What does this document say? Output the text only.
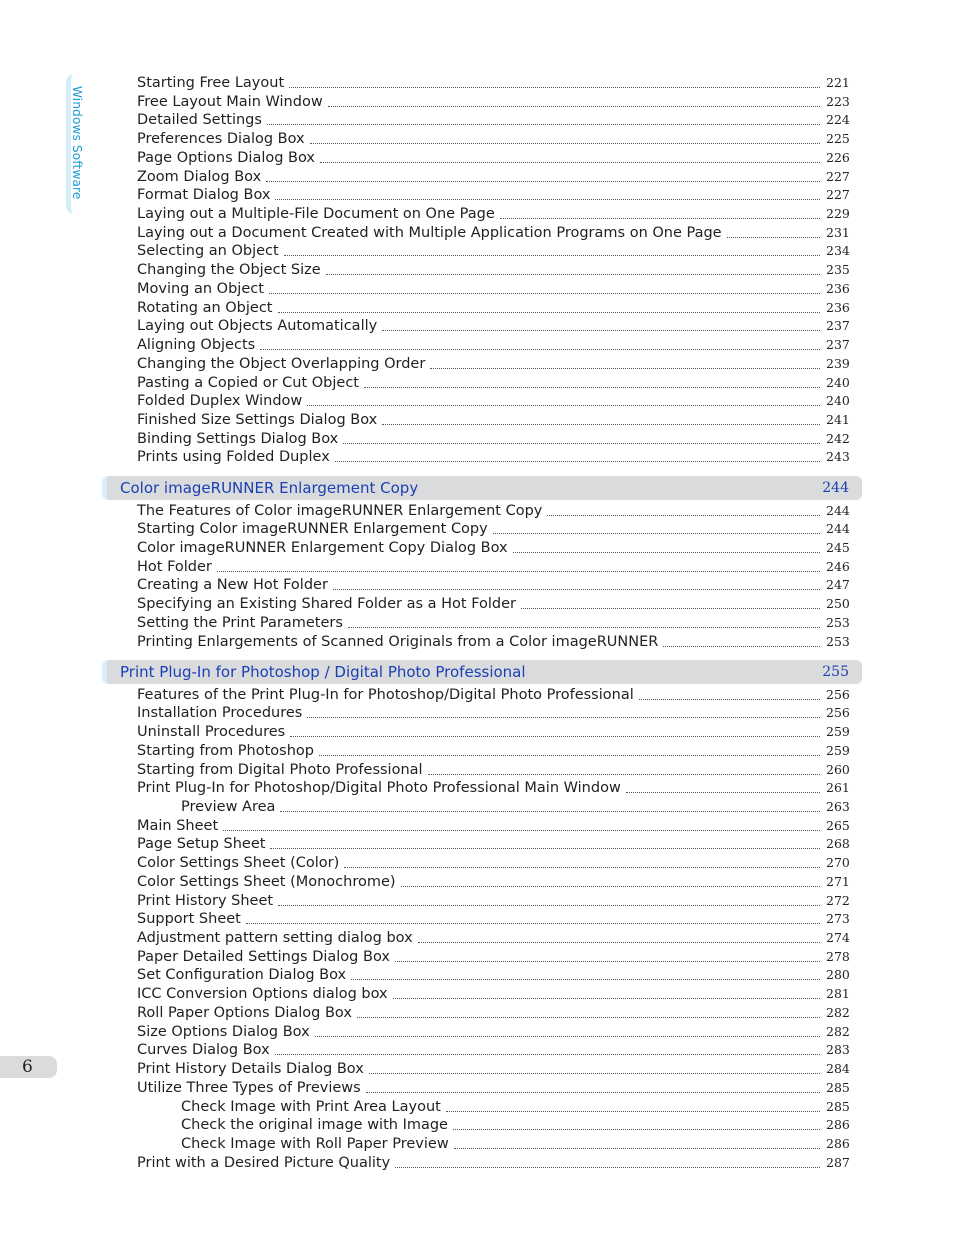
Windows Software
Starting Free Layout	221
Free Layout Main Window	223
Detailed Settings	224
Preferences Dialog Box	225
Page Options Dialog Box	226
Zoom Dialog Box	227
Format Dialog Box	227
Laying out a Multiple-File Document on One Page	229
Laying out a Document Created with Multiple Application Programs on One Page	231
Selecting an Object	234
Changing the Object Size	235
Moving an Object	236
Rotating an Object	236
Laying out Objects Automatically	237
Aligning Objects	237
Changing the Object Overlapping Order	239
Pasting a Copied or Cut Object	240
Folded Duplex Window	240
Finished Size Settings Dialog Box	241
Binding Settings Dialog Box	242
Prints using Folded Duplex	243
Color imageRUNNER Enlargement Copy	244
The Features of Color imageRUNNER Enlargement Copy	244
Starting Color imageRUNNER Enlargement Copy	244
Color imageRUNNER Enlargement Copy Dialog Box	245
Hot Folder	246
Creating a New Hot Folder	247
Specifying an Existing Shared Folder as a Hot Folder	250
Setting the Print Parameters	253
Printing Enlargements of Scanned Originals from a Color imageRUNNER	253
Print Plug-In for Photoshop / Digital Photo Professional	255
Features of the Print Plug-In for Photoshop/Digital Photo Professional	256
Installation Procedures	256
Uninstall Procedures	259
Starting from Photoshop	259
Starting from Digital Photo Professional	260
Print Plug-In for Photoshop/Digital Photo Professional Main Window	261
Preview Area	263
Main Sheet	265
Page Setup Sheet	268
Color Settings Sheet (Color)	270
Color Settings Sheet (Monochrome)	271
Print History Sheet	272
Support Sheet	273
Adjustment pattern setting dialog box	274
Paper Detailed Settings Dialog Box	278
Set Configuration Dialog Box	280
ICC Conversion Options dialog box	281
Roll Paper Options Dialog Box	282
Size Options Dialog Box	282
Curves Dialog Box	283
Print History Details Dialog Box	284
Utilize Three Types of Previews	285
Check Image with Print Area Layout	285
Check the original image with Image	286
Check Image with Roll Paper Preview	286
Print with a Desired Picture Quality	287
6
